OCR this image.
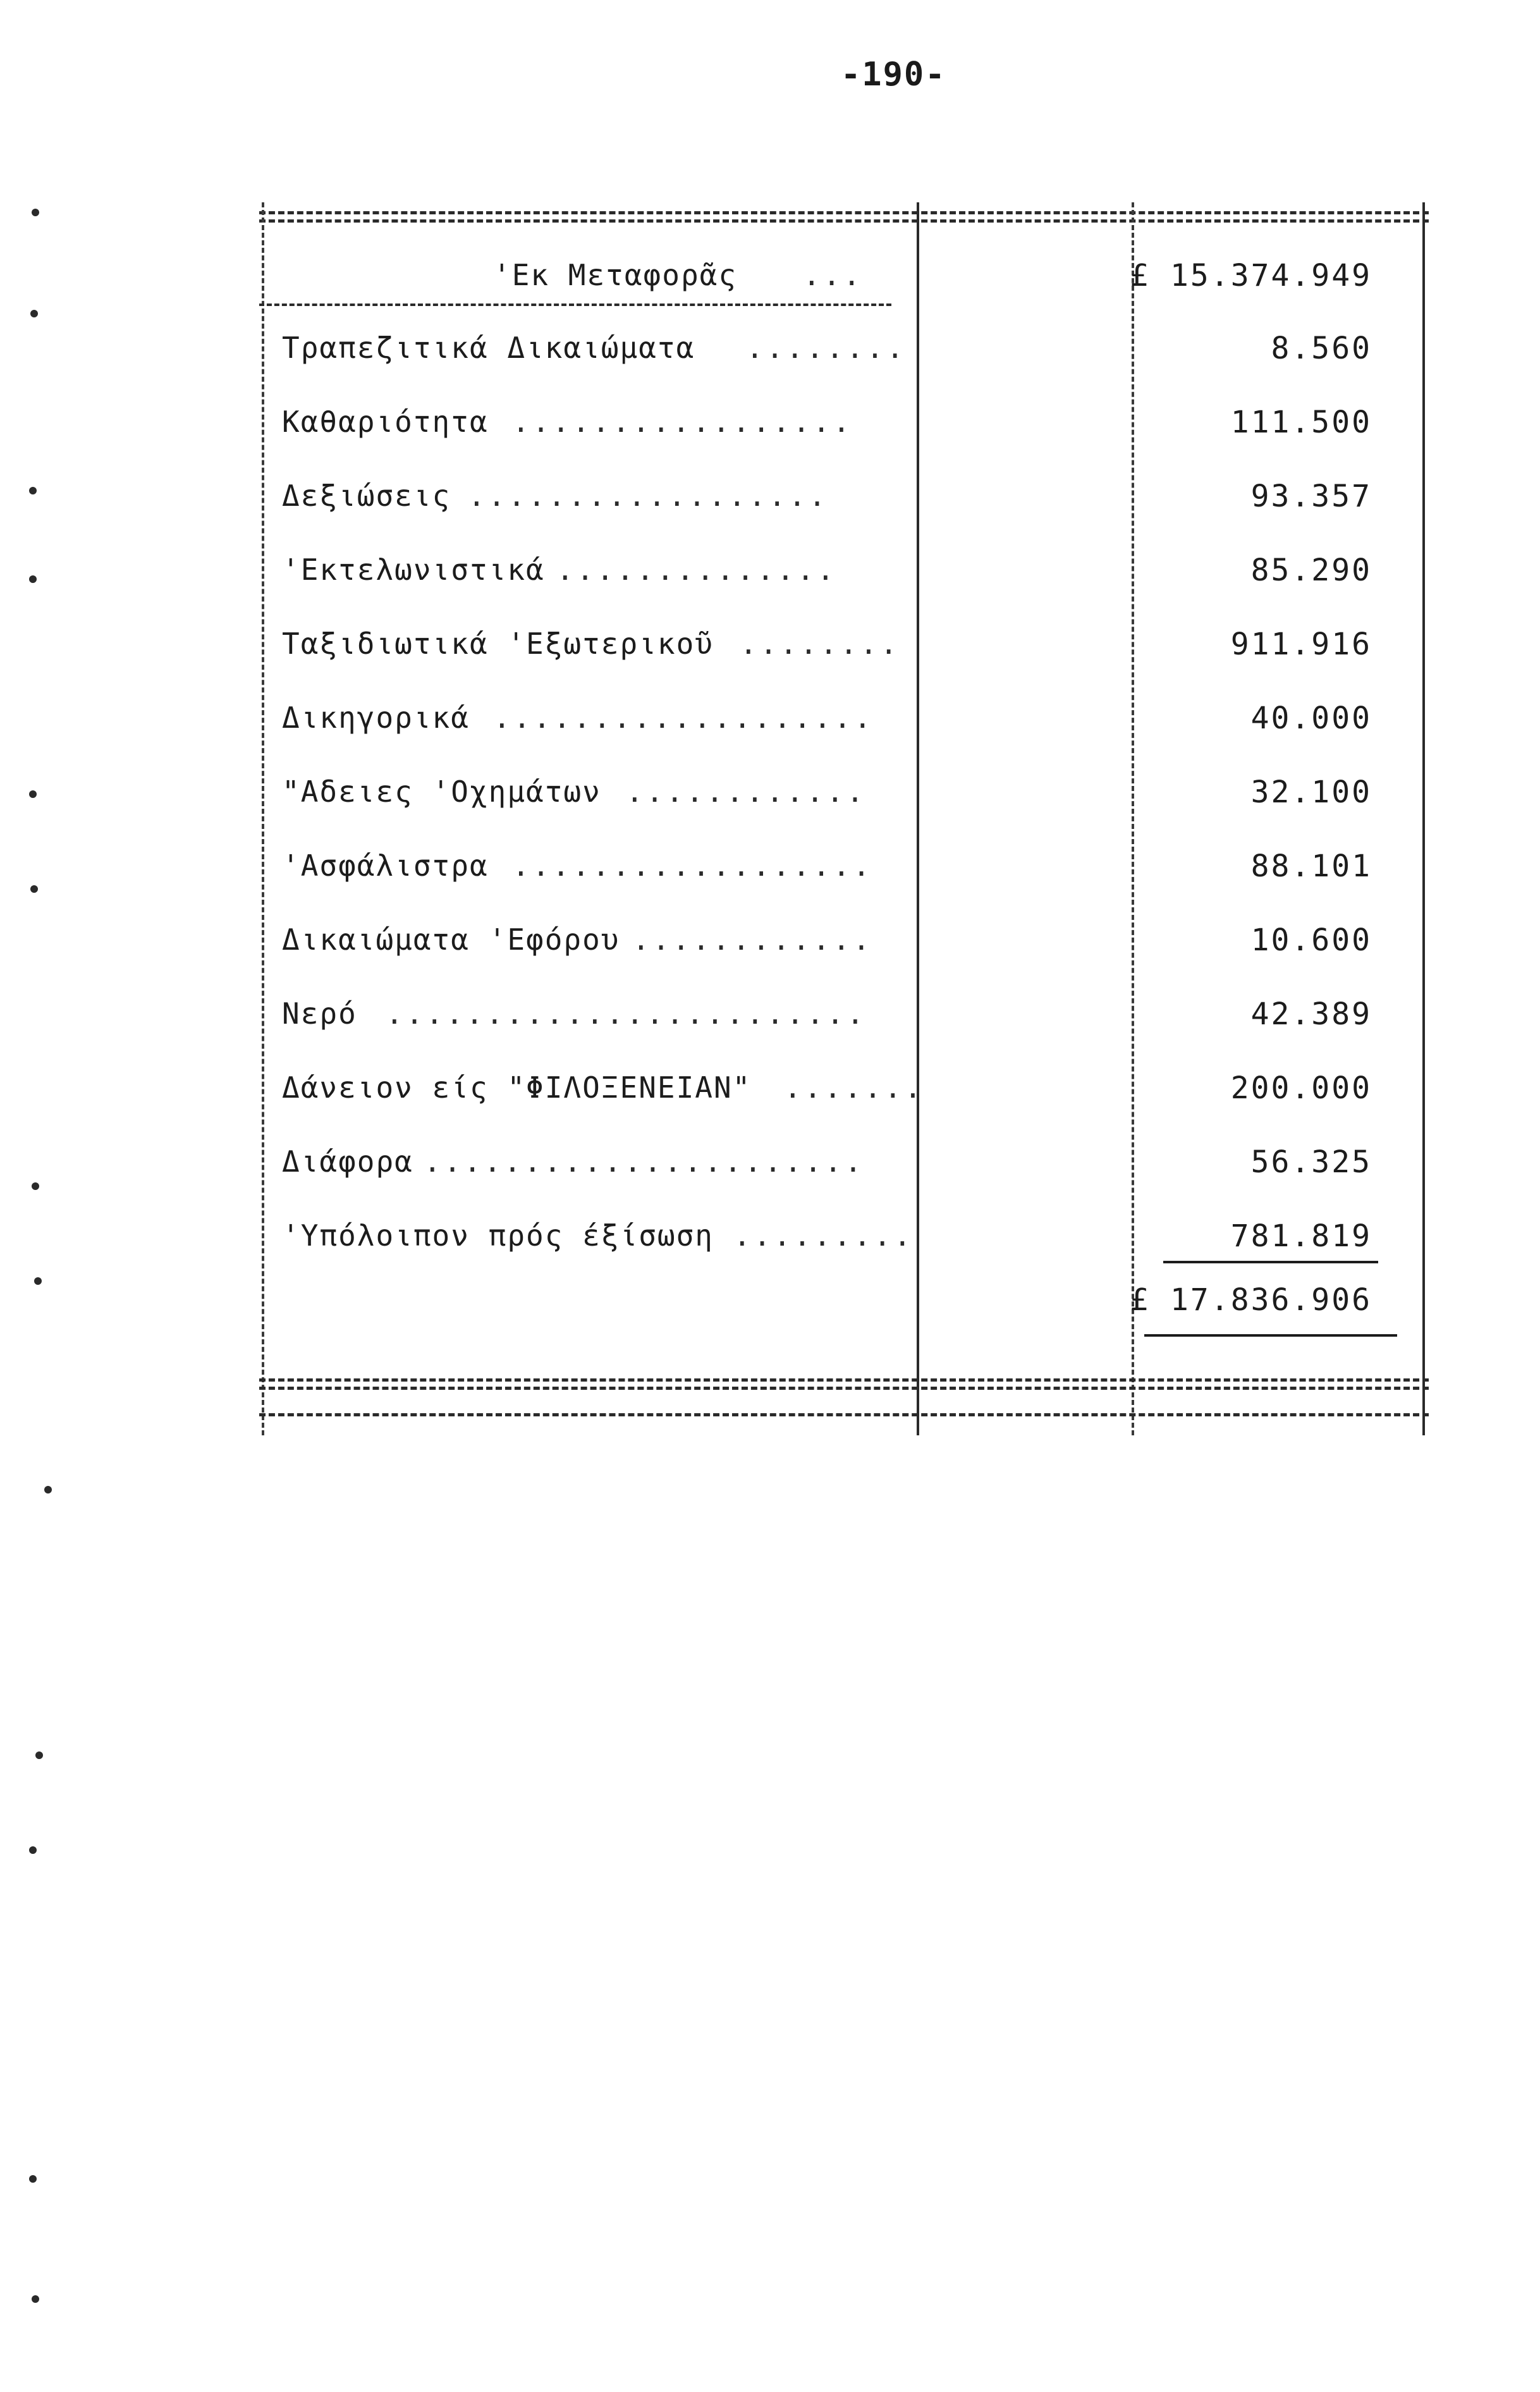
-190-
'Εκ Μεταφορᾶς ...	£ 15.374.949
Τραπεζιτικά Δικαιώματα ........	8.560
Καθαριότητα .................	111.500
Δεξιώσεις ..................	93.357
'Εκτελωνιστικά ..............	85.290
Ταξιδιωτικά 'Εξωτερικοῦ ........	911.916
Δικηγορικά ...................	40.000
"Αδειες 'Οχημάτων ............	32.100
'Ασφάλιστρα ..................	88.101
Δικαιώματα 'Εφόρου ............	10.600
Νερό ........................	42.389
Δάνειον είς "ΦΙΛΟΞΕΝΕΙΑΝ" .......	200.000
Διάφορα ......................	56.325
'Υπόλοιπον πρός έξίσωση .........	781.819
£ 17.836.906
